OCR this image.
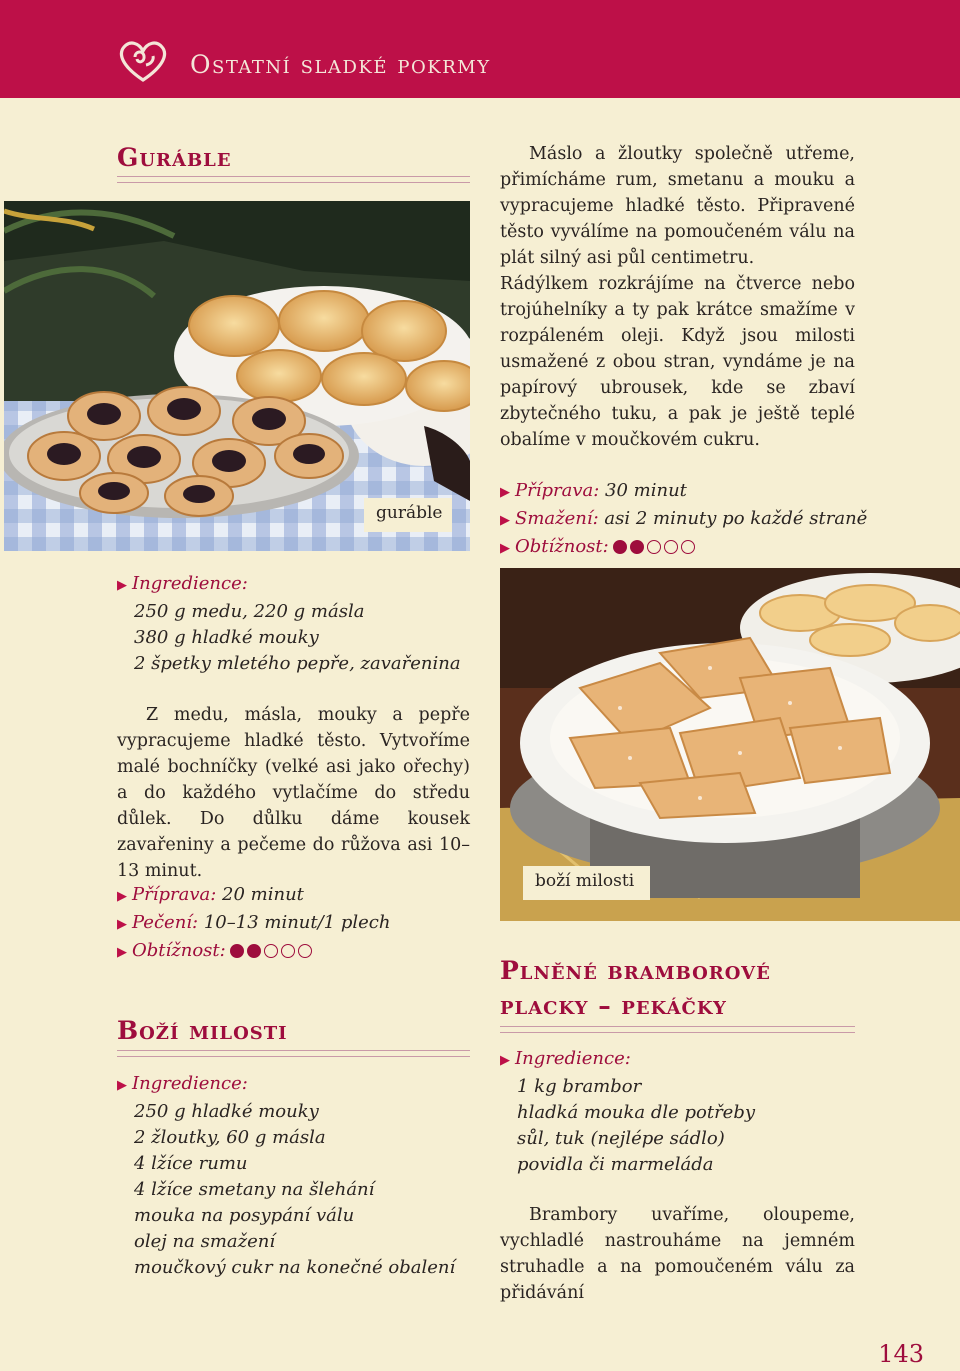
Ostatní sladké pokrmy
Guráble
guráble
▶ Ingredience:
250 g medu, 220 g másla
380 g hladké mouky
2 špetky mletého pepře, zavařenina

Z medu, másla, mouky a pepře vypracujeme hladké těsto. Vytvoříme malé bochníčky (velké asi jako ořechy) a do každého vytlačíme do středu důlek. Do důlku dáme kousek zavařeniny a pečeme do růžova asi 10–13 minut.

▶ Příprava: 20 minut
▶ Pečení: 10–13 minut/1 plech
▶ Obtížnost:
Boží milosti
▶ Ingredience:
250 g hladké mouky
2 žloutky, 60 g másla
4 lžíce rumu
4 lžíce smetany na šlehání
mouka na posypání válu
olej na smažení
moučkový cukr na konečné obalení

Máslo a žloutky společně utřeme, přimícháme rum, smetanu a mouku a vypracujeme hladké těsto. Připravené těsto vyválíme na pomoučeném válu na plát silný asi půl centimetru.

Rádýlkem rozkrájíme na čtverce nebo trojúhelníky a ty pak krátce smažíme v rozpáleném oleji. Když jsou milosti usmažené z obou stran, vyndáme je na papírový ubrousek, kde se zbaví zbytečného tuku, a pak je ještě teplé obalíme v moučkovém cukru.

▶ Příprava: 30 minut
▶ Smažení: asi 2 minuty po každé straně
▶ Obtížnost:
boží milosti
Plněné bramborové
placky – pekáčky
▶ Ingredience:
1 kg brambor
hladká mouka dle potřeby
sůl, tuk (nejlépe sádlo)
povidla či marmeláda

Brambory uvaříme, oloupeme, vychladlé nastrouháme na jemném struhadle a na pomoučeném válu za přidávání

143
